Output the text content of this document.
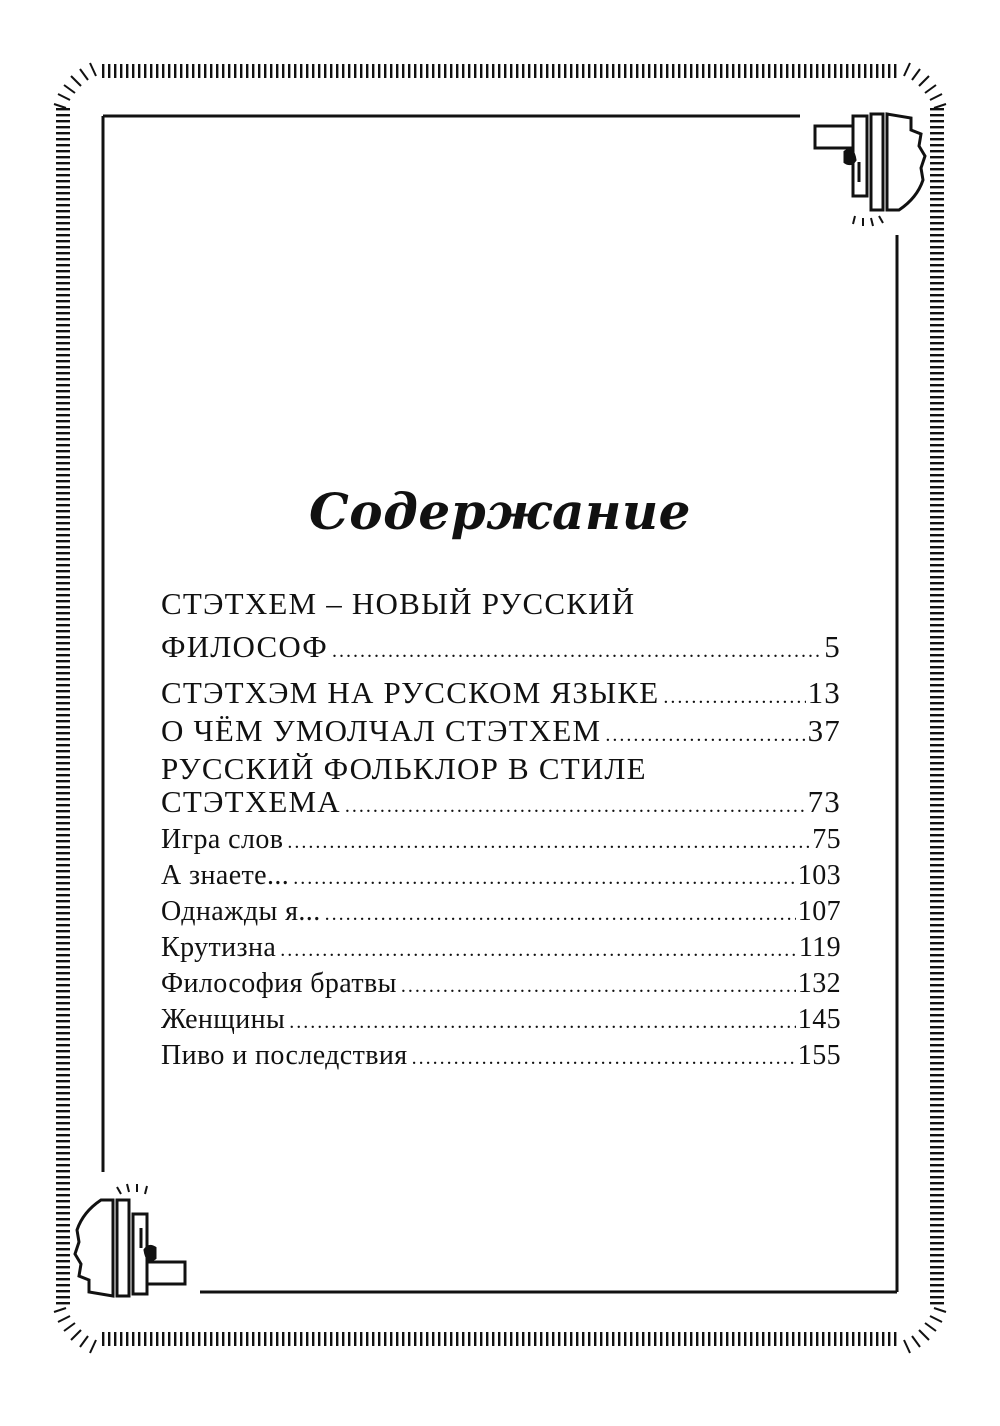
Содержание
СТЭТХЕМ – НОВЫЙ РУССКИЙ
ФИЛОСОФ .....	5
СТЭТХЭМ НА РУССКОМ ЯЗЫКЕ .....	13
О ЧЁМ УМОЛЧАЛ СТЭТХЕМ .....	37
РУССКИЙ ФОЛЬКЛОР В СТИЛЕ
СТЭТХЕМА .....	73
Игра слов .....	75
А знаете... .....	103
Однажды я... .....	107
Крутизна .....	119
Философия братвы .....	132
Женщины .....	145
Пиво и последствия .....	155
